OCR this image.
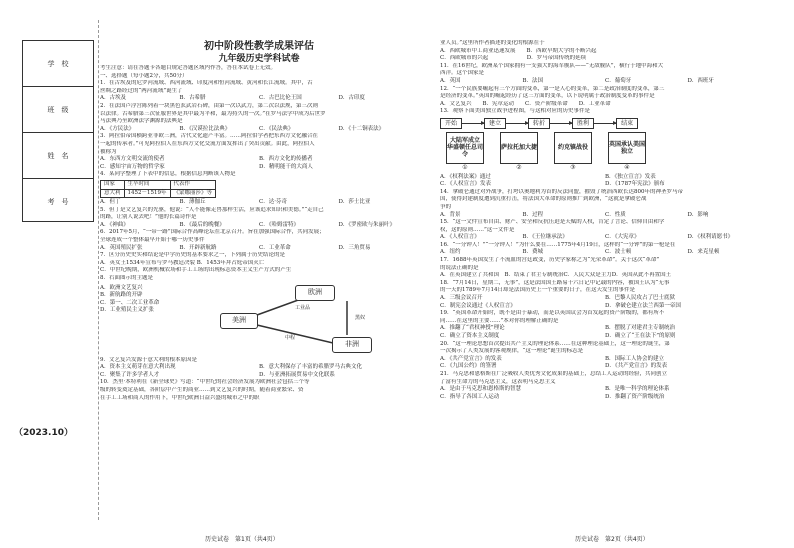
学　校
班　级
姓　名
考　号
（2023.10）
初中阶段性教学成果评估
九年级历史学科试卷
考生注意：请在答题卡各题目规定答题区域内作答，答在本试卷上无效。
一、选择题（每小题2分，共50分）
1．在古埃及的尼罗河流域、西河流域、印度河和恒河流域、黄河和长江流域。其中，古
丝绸之路经过的“两河流域”诞生了
A．古埃及	B．古希腊	C．古巴比伦王国	D．古印度
2．在法国卢浮宫陈列着一块黑色玄武岩石碑，由第一次以武力，第二次以法规，第三次则
以法律。古希腊第三次征服世界是其中最为平和，最为持久的一次。”在罗马法学中成为后世罗
马法典乃至欧洲法学渊源的法典是
A．《方民法》	B．《汉谟拉比法典》	C．《民法典》	D．《十二铜表法》
3．阿拉伯帝国横跨亚非欧三洲，古代文化遗产丰富。……阿拉伯学者把东西方文化融合在
一起的传承者。”可见阿拉伯人在东西方文化交流方面发挥出了突出贡献。由此，阿拉伯人
被称为
A．东西方文明交流的使者	B．西方文化的传播者
C．感知宇宙万物的哲学家	D．精明能干的大商人
4．某同学整理了下表中的信息，根据信息判断该人物是
国家	生卒时间	代表作
意大利	1452－1519年	《蒙娜丽莎》等
A．但丁	B．薄伽丘	C．达·芬奇	D．莎士比亚
5．但丁是文艺复兴的先驱，他说：“人不能像走兽那样生活，应该追求知识和美德。”“走自己
的路，让别人说去吧！”他的长篇诗作是
A．《神曲》	B．《最后的晚餐》	C．《哈姆雷特》	D．《罗密欧与朱丽叶》
6．2017年5月，“一带一路”国际合作高峰论坛在北京召开。旨在加强国际合作，共同发展；
全球连成一个整体最早开始于哪一历史事件
A．英国殖民扩张	B．开辟新航路	C．工业革命	D．三角贸易
7．区分历史史实和结论是中学历史的基本要求之一，下列属于历史结论的是
A．英女王1534年宣布与罗马教廷决裂 B．1453年拜占庭帝国灭亡
C．中世纪晚期，欧洲机械农场和手工工场的出现标志资本主义生产方式的产生
8．右面图示的主题是
A．欧洲文艺复兴
B．新航路的开辟
C．第一、二次工业革命
D．工业殖民主义扩张
欧洲
美洲
非洲
工业品
黑奴
中程
9．文艺复兴发源于意大利的根本原因是
A．资本主义萌芽在意大利出现	B．意大利保存了丰富的希腊罗马古典文化
C．聚集了许多学者人才	D．与亚洲拓展贸易中文化联系
10．杰里·本特利在《新全球史》写道：“中世纪的社会经济发展为欧洲社会包括三个等
级的转变奠定基础，各阶层中产生的商业……到文艺复兴的时期，随着商业繁荣、资
在手工工场和商人的作用下，中世纪欧洲日益兴盛的城市之中的职
业人员。”这里所作者描述的变化的根源在于
A．西欧城市中工商业迅速发展　　B．西欧早期大学的不断兴起
C．西欧城市的兴起　　　　　　　D．罗马帝国传统的延续
11．在16世纪，欧洲某个国家拥有一支强大的海军舰队——“无敌舰队”，横行于地中海和大
西洋。这个国家是
A．英国	B．法国	C．葡萄牙	D．西班牙
12．“一个民族要崛起有三个方面的变革，第一是人心的变革，第二是政治制度的变革，第三
是经济的变革。”英国的崛起经历了这三方面的变革，以下说明属于政治制度变革的事件是
A．文艺复兴　　B．宪章运动　　C．资产阶级革命　　D．工业革命
13．观察下面美国独立战争进程图，与这相对应的历史事件是
开始	建立	转折	胜利	结束
大陆军成立 华盛顿任总司令
①
萨拉托加大捷
②
约克镇战役
③
英国承认美国独立
④
A．《权利法案》通过	B．《独立宣言》发表
C．《人权宣言》发表	D．《1787年宪法》颁布
14．拿破仑通过对外战争，打垮以奥地利为首的反法同盟，摧毁了统治西欧长达800年的神圣罗马帝
国，使得封建制度遭到沉重打击，将法国大革命的原则推广到欧洲，“这就是拿破仑战
争的
A．背景	B．过程	C．性质	D．影响
15．“这一文件宣布自由、财产、安全和反抗压迫是天赋的人权，肯定了言论、信仰自由和学
权，这的原则……”这一文件是
A．《人权宣言》	B．《王位继承法》	C．《大宪章》	D．《权利请愿书》
16．“一分钟人！”“一分钟人！”为什么要在……1775年4月19日，这样的“一分钟”的第一枪是在
A．纽约	B．费城	C．波士顿	D．来克星顿
17．1688年英国发生了不流血的宫廷政变，历史学家称之为“光荣革命”。关于这次“革命”
的说法正确的是
A．在英国建立了共和国　B．结束了君主专制统治C．人民大众是主力D．英国从此不再置国王
18．“7月14日，星期二，无事”，这是法国国王路易十六日记中记载的内容，被国王认为“无事
的一天的1789年7月14日却是法国历史上一个重要的日子，在这天发生的事件是
A．三级会议召开	B．巴黎人民攻占了巴士底狱
C．制宪会议通过《人权宣言》	D．拿破仑建立法兰西第一帝国
19．“英国革命开始时，既不是由于暴动，而是以英国议会为首发起的资产阶级的，都有所不
同……在这里的主要……”本对你的理解正确的是
A．推翻了“君权神授”理论	B．摆脱了对建君主专制统治
C．确立了资本主义制度	D．确立了“王在法下”的原则
20．“这一理论思想首次提出共产主义的理论体系……在这种理论基础上，这一理论的诞生，第
一次揭示了人类发展的客观规律，“这一理论”诞生的标志是
A．《共产党宣言》的发表	B．国际工人协会的建立
C．《九国公约》的签署	D．《共产党宣言》的发表
21．马克思和恩格斯在广泛吸收人类优秀文化成果的基础上，总结工人运动的经验，共同创立
了富有生命力的马克思主义，这表明马克思主义
A．是由于马克思和恩格斯的智慧	B．是唯一科学的理论体系
C．指导了各国工人运动	D．推翻了资产阶级统治
历史试卷　第1页（共4页）	历史试卷　第2页（共4页）
